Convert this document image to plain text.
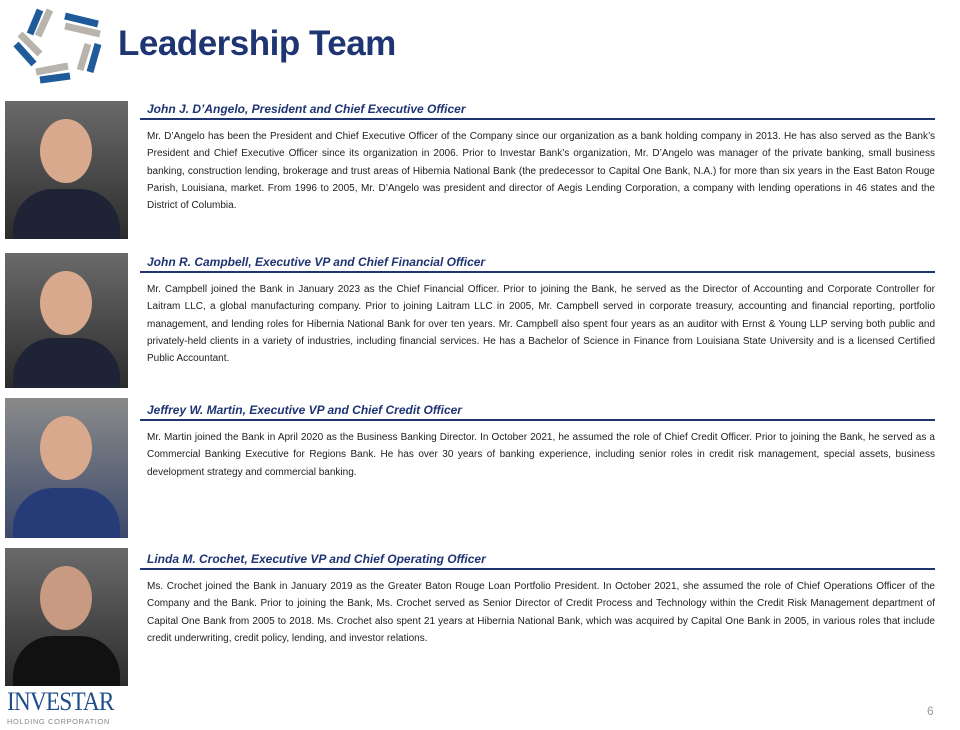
Leadership Team
John J. D’Angelo, President and Chief Executive Officer
Mr. D’Angelo has been the President and Chief Executive Officer of the Company since our organization as a bank holding company in 2013. He has also served as the Bank’s President and Chief Executive Officer since its organization in 2006. Prior to Investar Bank’s organization, Mr. D’Angelo was manager of the private banking, small business banking, construction lending, brokerage and trust areas of Hibernia National Bank (the predecessor to Capital One Bank, N.A.) for more than six years in the East Baton Rouge Parish, Louisiana, market. From 1996 to 2005, Mr. D’Angelo was president and director of Aegis Lending Corporation, a company with lending operations in 46 states and the District of Columbia.
John R. Campbell, Executive VP and Chief Financial Officer
Mr. Campbell joined the Bank in January 2023 as the Chief Financial Officer. Prior to joining the Bank, he served as the Director of Accounting and Corporate Controller for Laitram LLC, a global manufacturing company. Prior to joining Laitram LLC in 2005, Mr. Campbell served in corporate treasury, accounting and financial reporting, portfolio management, and lending roles for Hibernia National Bank for over ten years. Mr. Campbell also spent four years as an auditor with Ernst & Young LLP serving both public and privately-held clients in a variety of industries, including financial services. He has a Bachelor of Science in Finance from Louisiana State University and is a licensed Certified Public Accountant.
Jeffrey W. Martin, Executive VP and Chief Credit Officer
Mr. Martin joined the Bank in April 2020 as the Business Banking Director. In October 2021, he assumed the role of Chief Credit Officer. Prior to joining the Bank, he served as a Commercial Banking Executive for Regions Bank. He has over 30 years of banking experience, including senior roles in credit risk management, special assets, business development strategy and commercial banking.
Linda M. Crochet, Executive VP and Chief Operating Officer
Ms. Crochet joined the Bank in January 2019 as the Greater Baton Rouge Loan Portfolio President. In October 2021, she assumed the role of Chief Operations Officer of the Company and the Bank. Prior to joining the Bank, Ms. Crochet served as Senior Director of Credit Process and Technology within the Credit Risk Management department of Capital One Bank from 2005 to 2018. Ms. Crochet also spent 21 years at Hibernia National Bank, which was acquired by Capital One Bank in 2005, in various roles that include credit underwriting, credit policy, lending, and investor relations.
INVESTAR
HOLDING CORPORATION
6
